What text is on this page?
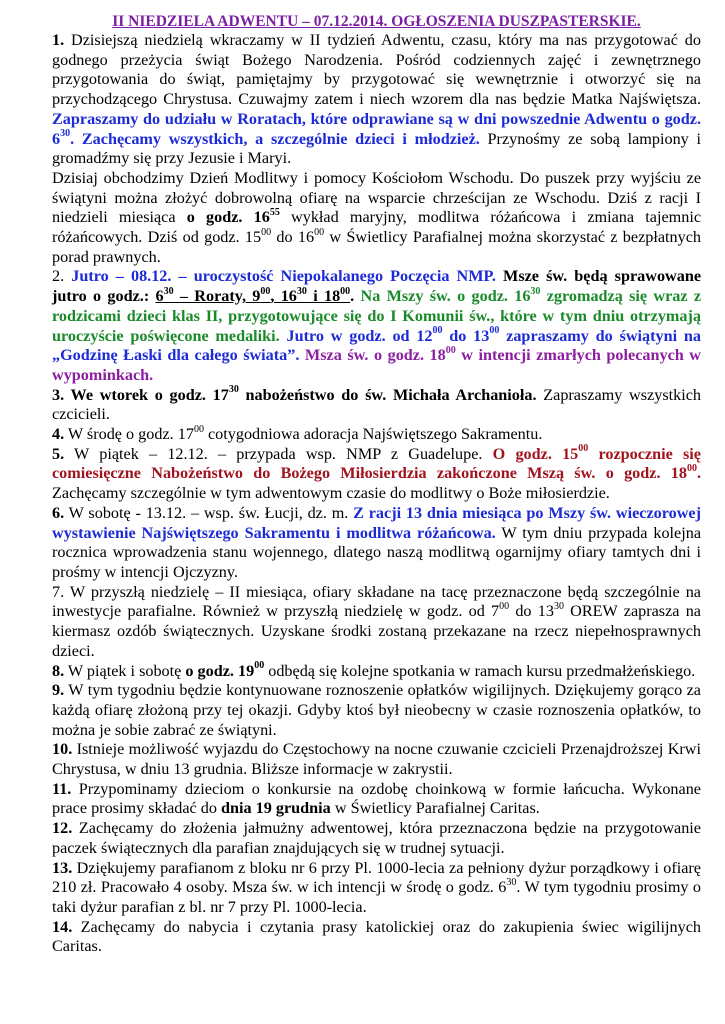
II NIEDZIELA ADWENTU – 07.12.2014. OGŁOSZENIA DUSZPASTERSKIE.

1. Dzisiejszą niedzielą wkraczamy w II tydzień Adwentu, czasu, który ma nas przygotować do godnego przeżycia świąt Bożego Narodzenia. Pośród codziennych zajęć i zewnętrznego przygotowania do świąt, pamiętajmy by przygotować się wewnętrznie i otworzyć się na przychodzącego Chrystusa. Czuwajmy zatem i niech wzorem dla nas będzie Matka Najświętsza. Zapraszamy do udziału w Roratach, które odprawiane są w dni powszednie Adwentu o godz. $6^{30}$. Zachęcamy wszystkich, a szczególnie dzieci i młodzież. Przynośmy ze sobą lampiony i gromadźmy się przy Jezusie i Maryi.

Dzisiaj obchodzimy Dzień Modlitwy i pomocy Kościołom Wschodu. Do puszek przy wyjściu ze świątyni można złożyć dobrowolną ofiarę na wsparcie chrześcijan ze Wschodu. Dziś z racji I niedzieli miesiąca o godz. $16^{55}$ wykład maryjny, modlitwa różańcowa i zmiana tajemnic różańcowych. Dziś od godz. $15^{00}$ do $16^{00}$ w Świetlicy Parafialnej można skorzystać z bezpłatnych porad prawnych.

2. Jutro – 08.12. – uroczystość Niepokalanego Poczęcia NMP. Msze św. będą sprawowane jutro o godz.: $6^{30}$ – Roraty, $9^{00}$, $16^{30}$ i $18^{00}$. Na Mszy św. o godz. $16^{30}$ zgromadzą się wraz z rodzicami dzieci klas II, przygotowujące się do I Komunii św., które w tym dniu otrzymają uroczyście poświęcone medaliki. Jutro w godz. od $12^{00}$ do $13^{00}$ zapraszamy do świątyni na „Godzinę Łaski dla całego świata”. Msza św. o godz. $18^{00}$ w intencji zmarłych polecanych w wypominkach.

3. We wtorek o godz. $17^{30}$ nabożeństwo do św. Michała Archanioła. Zapraszamy wszystkich czcicieli.

4. W środę o godz. $17^{00}$ cotygodniowa adoracja Najświętszego Sakramentu.

5. W piątek – 12.12. – przypada wsp. NMP z Guadelupe. O godz. $15^{00}$ rozpocznie się comiesięczne Nabożeństwo do Bożego Miłosierdzia zakończone Mszą św. o godz. $18^{00}$. Zachęcamy szczególnie w tym adwentowym czasie do modlitwy o Boże miłosierdzie.

6. W sobotę - 13.12. – wsp. św. Łucji, dz. m. Z racji 13 dnia miesiąca po Mszy św. wieczorowej wystawienie Najświętszego Sakramentu i modlitwa różańcowa. W tym dniu przypada kolejna rocznica wprowadzenia stanu wojennego, dlatego naszą modlitwą ogarnijmy ofiary tamtych dni i prośmy w intencji Ojczyzny.

7. W przyszłą niedzielę – II miesiąca, ofiary składane na tacę przeznaczone będą szczególnie na inwestycje parafialne. Również w przyszłą niedzielę w godz. od $7^{00}$ do $13^{30}$ OREW zaprasza na kiermasz ozdób świątecznych. Uzyskane środki zostaną przekazane na rzecz niepełnosprawnych dzieci.

8. W piątek i sobotę o godz. $19^{00}$ odbędą się kolejne spotkania w ramach kursu przedmałżeńskiego.

9. W tym tygodniu będzie kontynuowane roznoszenie opłatków wigilijnych. Dziękujemy gorąco za każdą ofiarę złożoną przy tej okazji. Gdyby ktoś był nieobecny w czasie roznoszenia opłatków, to można je sobie zabrać ze świątyni.

10. Istnieje możliwość wyjazdu do Częstochowy na nocne czuwanie czcicieli Przenajdroższej Krwi Chrystusa, w dniu 13 grudnia. Bliższe informacje w zakrystii.

11. Przypominamy dzieciom o konkursie na ozdobę choinkową w formie łańcucha. Wykonane prace prosimy składać do dnia 19 grudnia w Świetlicy Parafialnej Caritas.

12. Zachęcamy do złożenia jałmużny adwentowej, która przeznaczona będzie na przygotowanie paczek świątecznych dla parafian znajdujących się w trudnej sytuacji.

13. Dziękujemy parafianom z bloku nr 6 przy Pl. 1000-lecia za pełniony dyżur porządkowy i ofiarę 210 zł. Pracowało 4 osoby. Msza św. w ich intencji w środę o godz. $6^{30}$. W tym tygodniu prosimy o taki dyżur parafian z bl. nr 7 przy Pl. 1000-lecia.

14. Zachęcamy do nabycia i czytania prasy katolickiej oraz do zakupienia świec wigilijnych Caritas.
